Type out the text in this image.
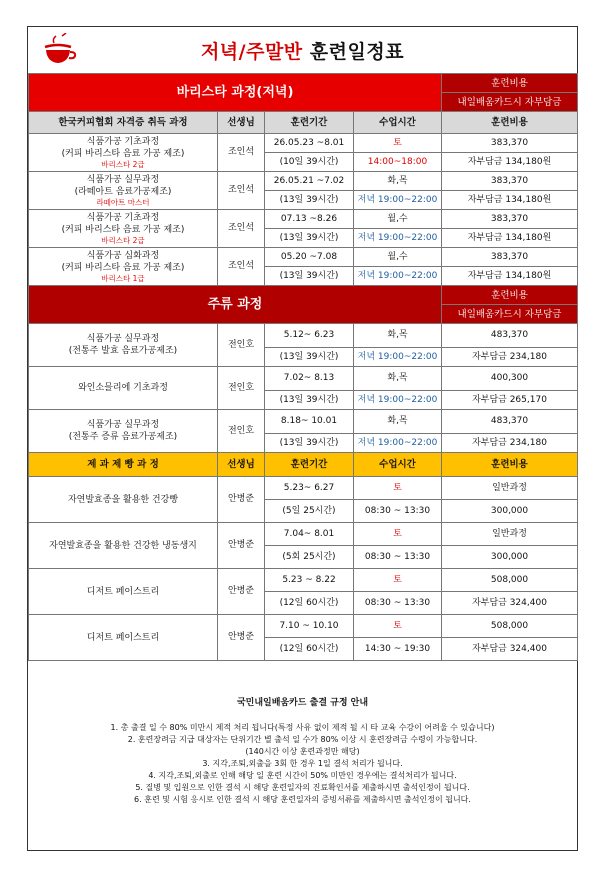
저녁/주말반 훈련일정표
바리스타 과정(저녁)				훈련비용
				내일배움카드시 자부담금
한국커피협회 자격증 취득 과정	선생님	훈련기간	수업시간	훈련비용
식품가공 기초과정
(커피 바리스타 음료 가공 제조)
바리스타 2급	조인석	26.05.23 ~8.01	토	383,370
		(10일 39시간)	14:00~18:00	자부담금 134,180원
식품가공 실무과정
(라떼아트 음료가공제조)
라떼아트 마스터	조인석	26.05.21 ~7.02	화,목	383,370
		(13일 39시간)	저녁 19:00~22:00	자부담금 134,180원
식품가공 기초과정
(커피 바리스타 음료 가공 제조)
바리스타 2급	조인석	07.13 ~8.26	월,수	383,370
		(13일 39시간)	저녁 19:00~22:00	자부담금 134,180원
식품가공 심화과정
(커피 바리스타 음료 가공 제조)
바리스타 1급	조인석	05.20 ~7.08	월,수	383,370
		(13일 39시간)	저녁 19:00~22:00	자부담금 134,180원
주류 과정				훈련비용
				내일배움카드시 자부담금
식품가공 실무과정
(전통주 발효 음료가공제조)	전인호	5.12~ 6.23	화,목	483,370
		(13일 39시간)	저녁 19:00~22:00	자부담금 234,180
와인소믈리에 기초과정	전인호	7.02~ 8.13	화,목	400,300
		(13일 39시간)	저녁 19:00~22:00	자부담금 265,170
식품가공 실무과정
(전통주 증류 음료가공제조)	전인호	8.18~ 10.01	화,목	483,370
		(13일 39시간)	저녁 19:00~22:00	자부담금 234,180
제 과 제 빵 과 정	선생님	훈련기간	수업시간	훈련비용
자연발효종을 활용한 건강빵	안병준	5.23~ 6.27	토	일반과정
		(5일 25시간)	08:30 ~ 13:30	300,000
자연발효종을 활용한 건강한 냉동생지	안병준	7.04~ 8.01	토	일반과정
		(5회 25시간)	08:30 ~ 13:30	300,000
디저트 페이스트리	안병준	5.23 ~ 8.22	토	508,000
		(12일 60시간)	08:30 ~ 13:30	자부담금 324,400
디저트 페이스트리	안병준	7.10 ~ 10.10	토	508,000
		(12일 60시간)	14:30 ~ 19:30	자부담금 324,400
국민내일배움카드 출결 규정 안내
1. 총 출결 일 수 80% 미만시 제적 처리 됩니다(특정 사유 없이 제적 될 시 타 교육 수강이 어려울 수 있습니다)
2. 훈련장려금 지급 대상자는 단위기간 별 출석 일 수가 80% 이상 시 훈련장려금 수령이 가능합니다.
(140시간 이상 훈련과정만 해당)
3. 지각,조퇴,외출을 3회 한 경우 1일 결석 처리가 됩니다.
4. 지각,조퇴,외출로 인해 해당 일 훈련 시간이 50% 미만인 경우에는 결석처리가 됩니다.
5. 질병 및 입원으로 인한 결석 시 해당 훈련일자의 진료확인서를 제출하시면 출석인정이 됩니다.
6. 훈련 및 시험 응시로 인한 결석 시 해당 훈련일자의 증빙서류를 제출하시면 출석인정이 됩니다.
